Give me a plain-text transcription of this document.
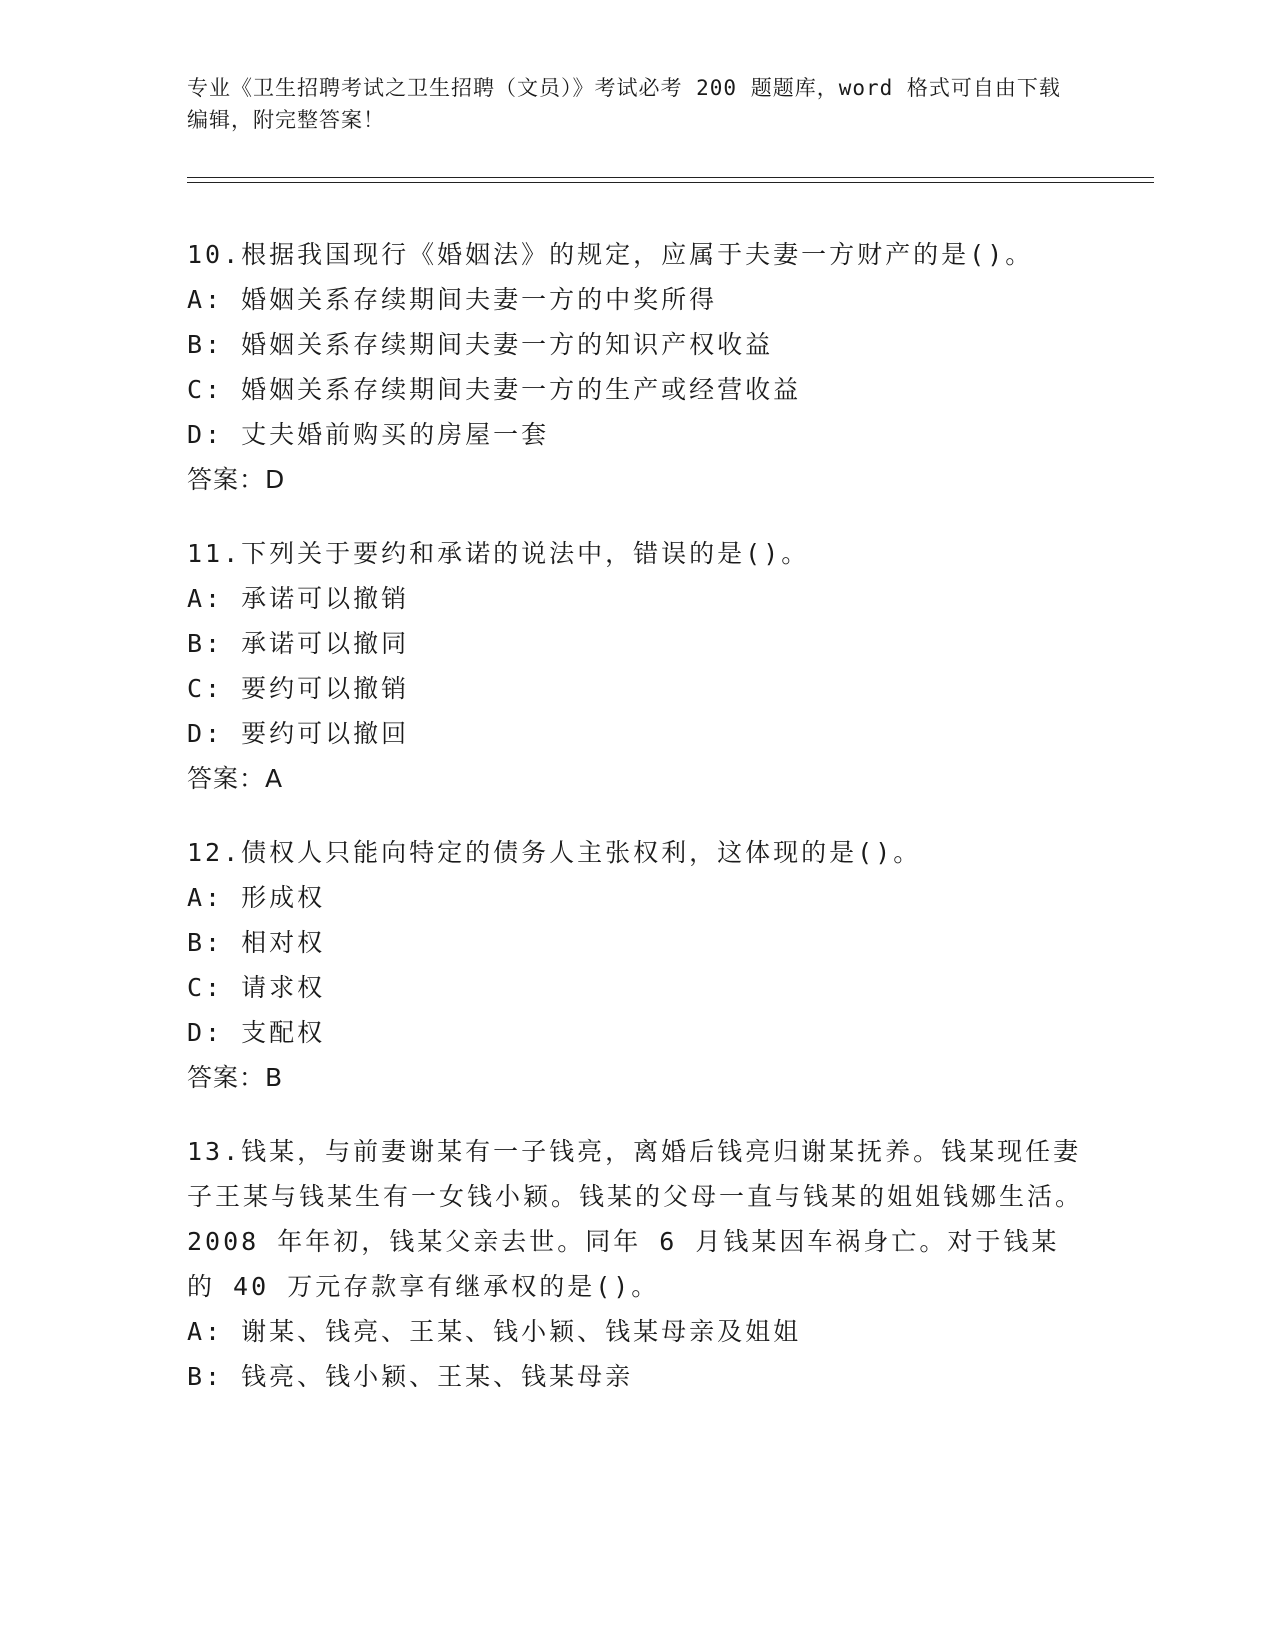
专业《卫生招聘考试之卫生招聘（文员）》考试必考 200 题题库，word 格式可自由下载编辑，附完整答案！

10.根据我国现行《婚姻法》的规定，应属于夫妻一方财产的是()。

A: 婚姻关系存续期间夫妻一方的中奖所得

B: 婚姻关系存续期间夫妻一方的知识产权收益

C: 婚姻关系存续期间夫妻一方的生产或经营收益

D: 丈夫婚前购买的房屋一套

答案：D

11.下列关于要约和承诺的说法中，错误的是()。

A: 承诺可以撤销

B: 承诺可以撤同

C: 要约可以撤销

D: 要约可以撤回

答案：A

12.债权人只能向特定的债务人主张权利，这体现的是()。

A: 形成权

B: 相对权

C: 请求权

D: 支配权

答案：B

13.钱某，与前妻谢某有一子钱亮，离婚后钱亮归谢某抚养。钱某现任妻子王某与钱某生有一女钱小颖。钱某的父母一直与钱某的姐姐钱娜生活。2008 年年初，钱某父亲去世。同年 6 月钱某因车祸身亡。对于钱某的 40 万元存款享有继承权的是()。

A: 谢某、钱亮、王某、钱小颖、钱某母亲及姐姐

B: 钱亮、钱小颖、王某、钱某母亲
